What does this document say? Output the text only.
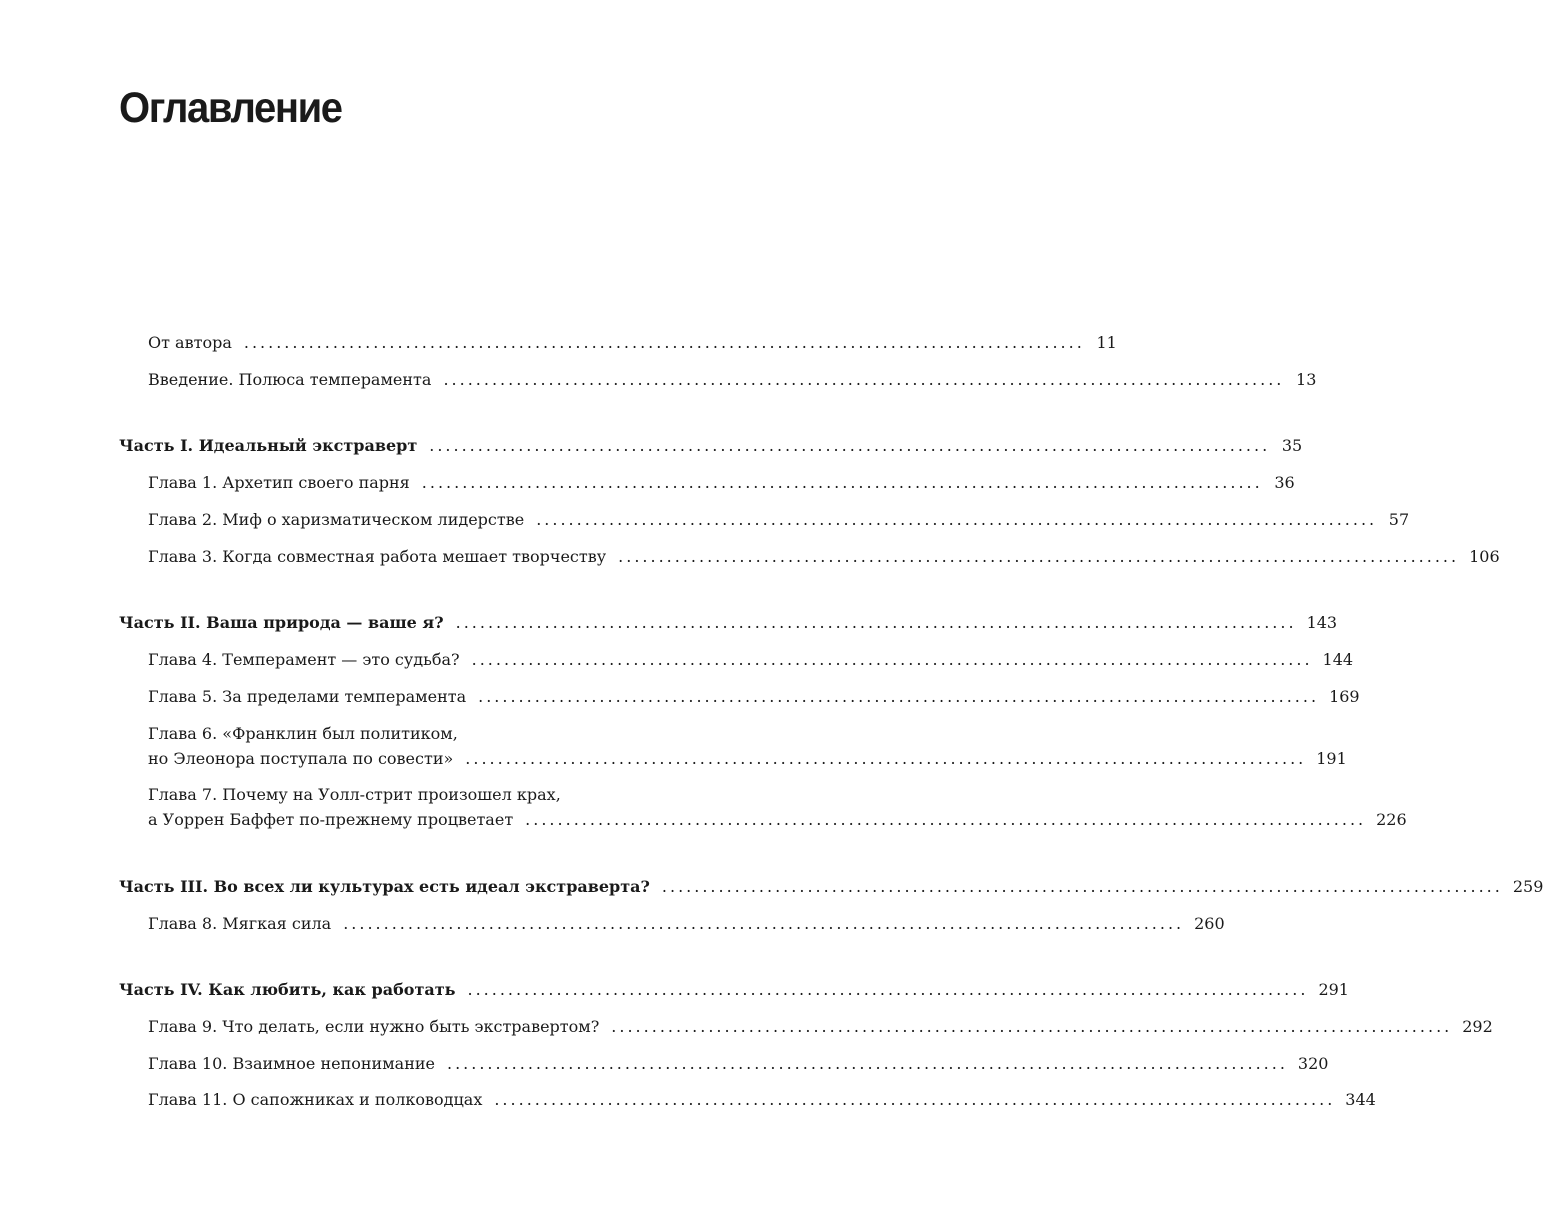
Оглавление
От автора ........................................................................................................ 11
Введение. Полюса темперамента ........................................................................................................ 13
Часть I. Идеальный экстраверт ........................................................................................................ 35
Глава 1. Архетип своего парня ........................................................................................................ 36
Глава 2. Миф о харизматическом лидерстве ........................................................................................................ 57
Глава 3. Когда совместная работа мешает творчеству ........................................................................................................ 106
Часть II. Ваша природа — ваше я? ........................................................................................................ 143
Глава 4. Темперамент — это судьба? ........................................................................................................ 144
Глава 5. За пределами темперамента ........................................................................................................ 169
Глава 6. «Франклин был политиком,
но Элеонора поступала по совести» ........................................................................................................ 191
Глава 7. Почему на Уолл-стрит произошел крах,
а Уоррен Баффет по-прежнему процветает ........................................................................................................ 226
Часть III. Во всех ли культурах есть идеал экстраверта? ........................................................................................................ 259
Глава 8. Мягкая сила ........................................................................................................ 260
Часть IV. Как любить, как работать ........................................................................................................ 291
Глава 9. Что делать, если нужно быть экстравертом? ........................................................................................................ 292
Глава 10. Взаимное непонимание ........................................................................................................ 320
Глава 11. О сапожниках и полководцах ........................................................................................................ 344
